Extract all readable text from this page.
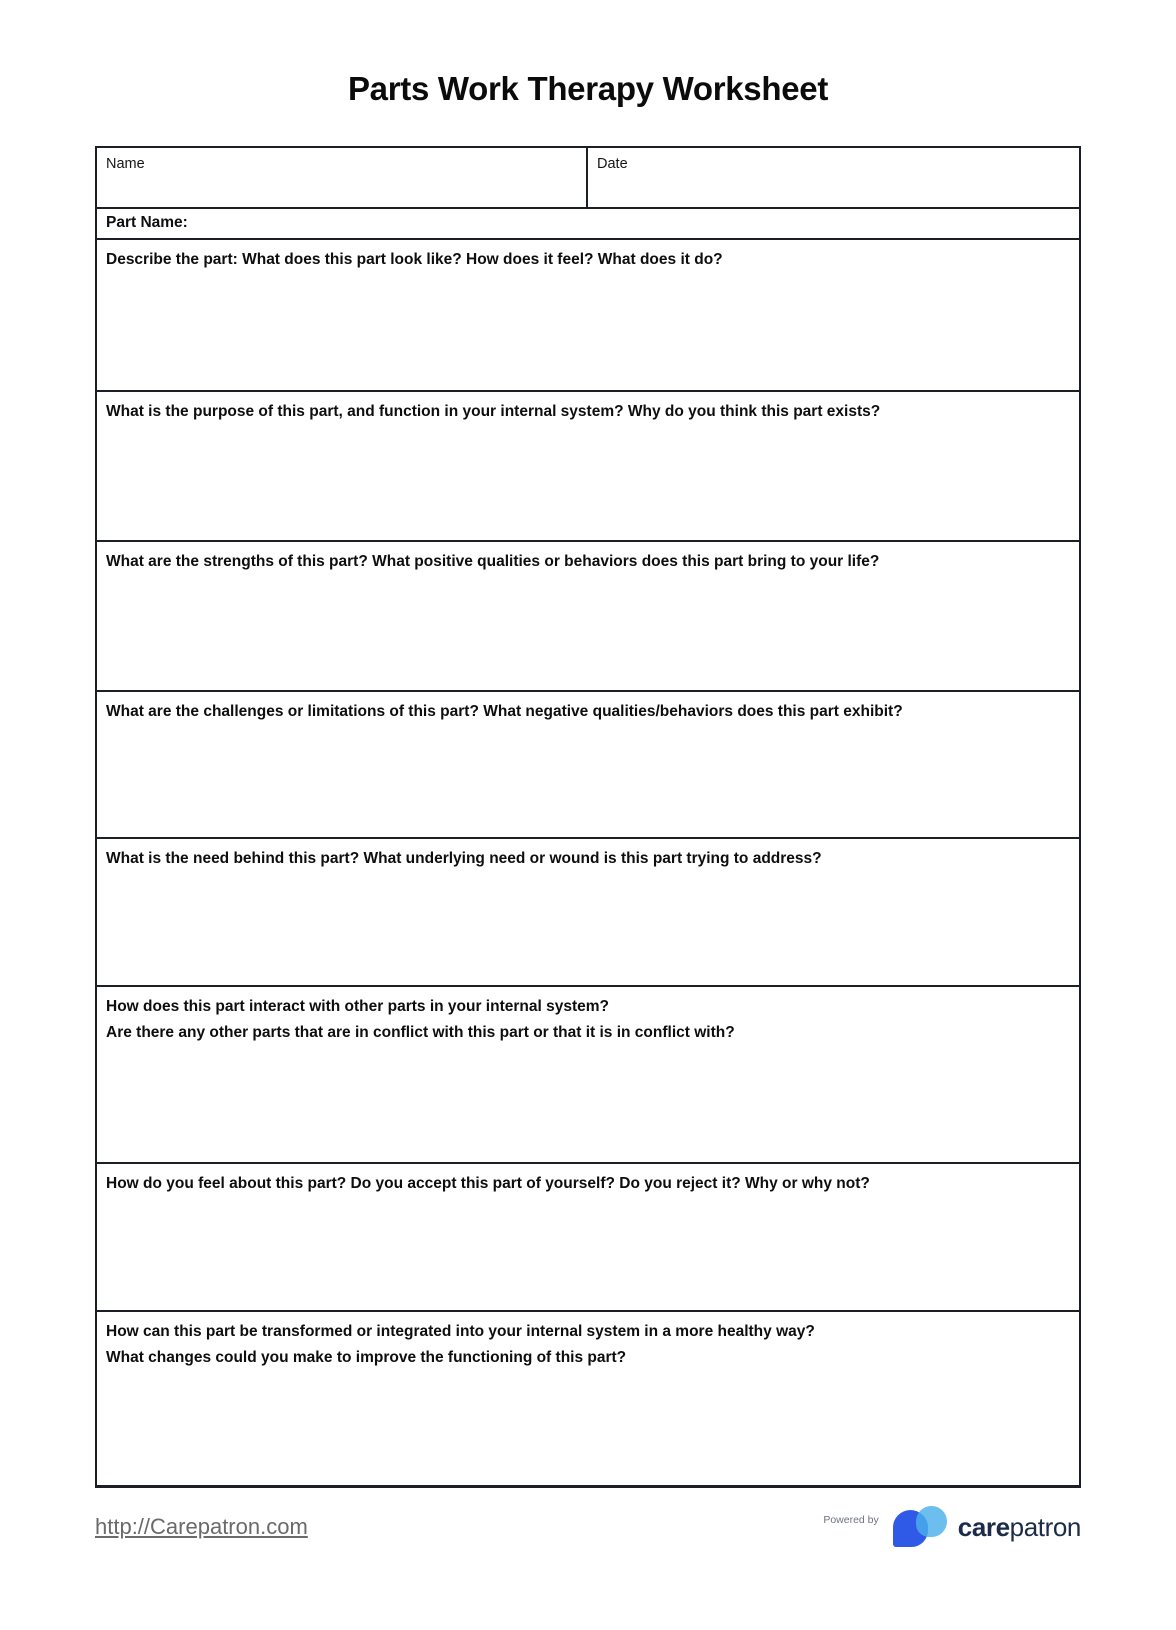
Parts Work Therapy Worksheet
Name	Date
Part Name:
Describe the part: What does this part look like? How does it feel? What does it do?
What is the purpose of this part, and function in your internal system? Why do you think this part exists?
What are the strengths of this part? What positive qualities or behaviors does this part bring to your life?
What are the challenges or limitations of this part? What negative qualities/behaviors does this part exhibit?
What is the need behind this part? What underlying need or wound is this part trying to address?
How does this part interact with other parts in your internal system?
Are there any other parts that are in conflict with this part or that it is in conflict with?
How do you feel about this part? Do you accept this part of yourself? Do you reject it? Why or why not?
How can this part be transformed or integrated into your internal system in a more healthy way?
What changes could you make to improve the functioning of this part?
http://Carepatron.com	Powered by	carepatron
